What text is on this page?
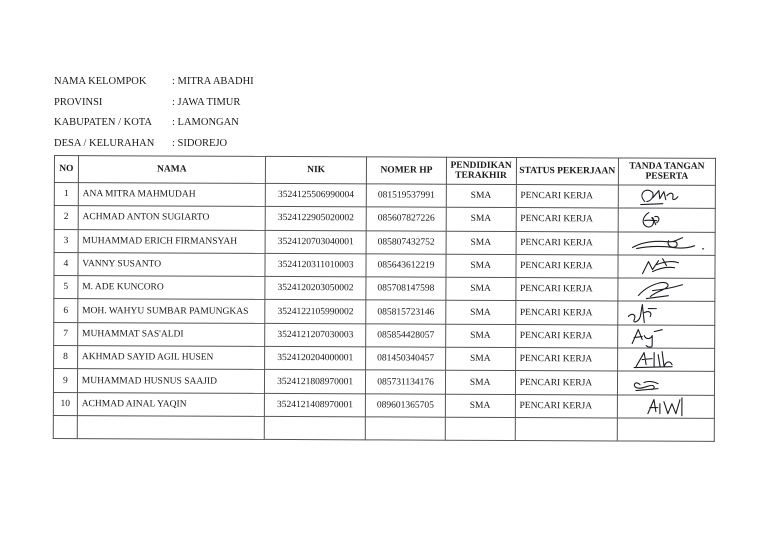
NAMA KELOMPOK	: MITRA ABADHI
PROVINSI	: JAWA TIMUR
KABUPATEN / KOTA	: LAMONGAN
DESA / KELURAHAN	: SIDOREJO
NO	NAMA	NIK	NOMER HP	PENDIDIKAN TERAKHIR	STATUS PEKERJAAN	TANDA TANGAN PESERTA
1	ANA MITRA MAHMUDAH	3524125506990004	081519537991	SMA	PENCARI KERJA	

2	ACHMAD ANTON SUGIARTO	3524122905020002	085607827226	SMA	PENCARI KERJA	

3	MUHAMMAD ERICH FIRMANSYAH	3524120703040001	085807432752	SMA	PENCARI KERJA	

4	VANNY SUSANTO	3524120311010003	085643612219	SMA	PENCARI KERJA	

5	M. ADE KUNCORO	3524120203050002	085708147598	SMA	PENCARI KERJA	

6	MOH. WAHYU SUMBAR PAMUNGKAS	3524122105990002	085815723146	SMA	PENCARI KERJA	

7	MUHAMMAT SAS'ALDI	3524121207030003	085854428057	SMA	PENCARI KERJA	

8	AKHMAD SAYID AGIL HUSEN	3524120204000001	081450340457	SMA	PENCARI KERJA	

9	MUHAMMAD HUSNUS SAAJID	3524121808970001	085731134176	SMA	PENCARI KERJA	

10	ACHMAD AINAL YAQIN	3524121408970001	089601365705	SMA	PENCARI KERJA	
